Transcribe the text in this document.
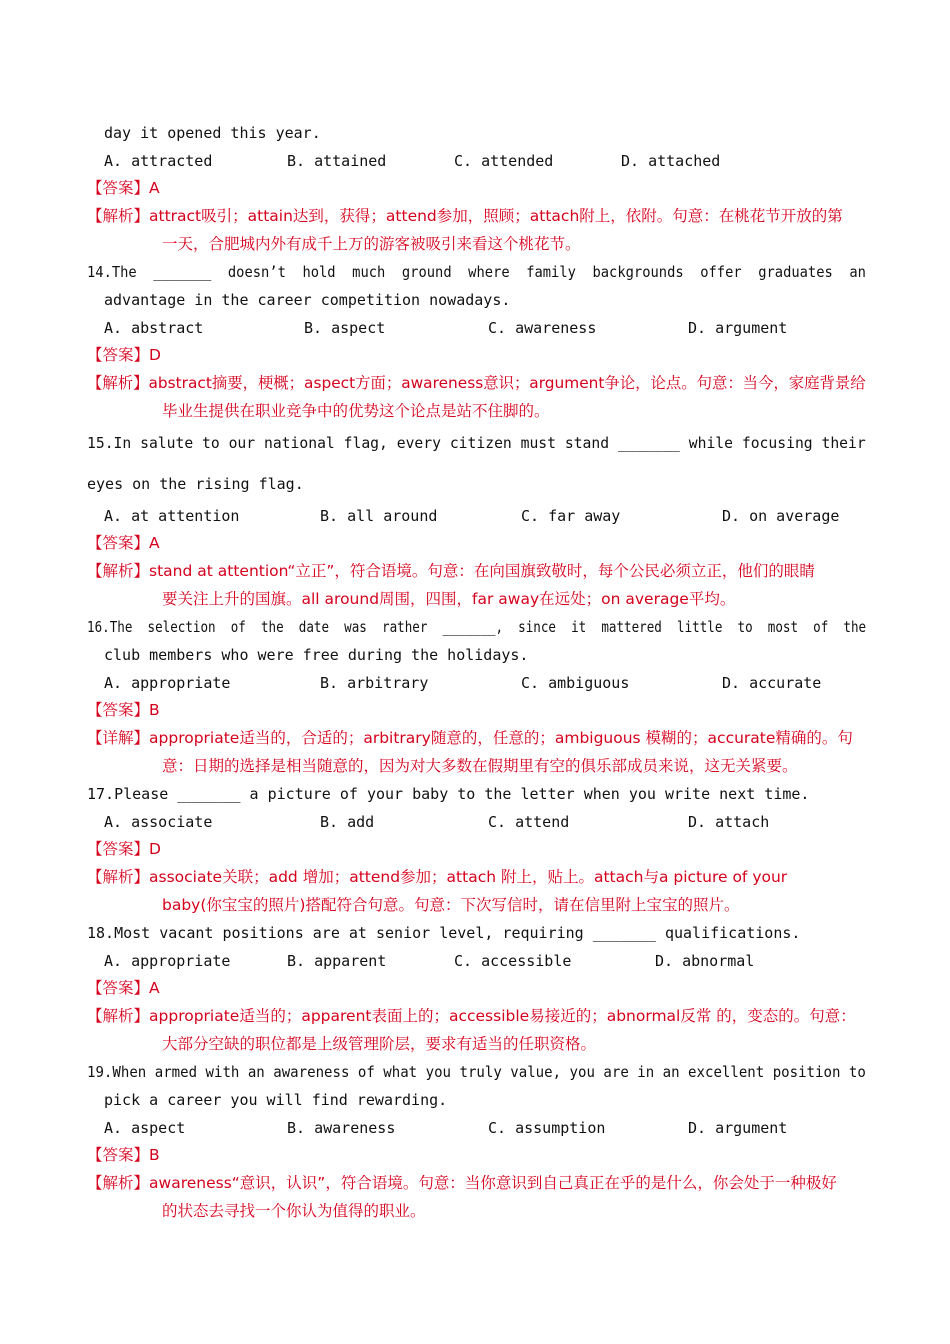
day it opened this year.
A. attracted	B. attained	C. attended	D. attached
【答案】A
【解析】attract吸引；attain达到，获得；attend参加，照顾；attach附上，依附。句意：在桃花节开放的第
一天，合肥城内外有成千上万的游客被吸引来看这个桃花节。
14.The  _______  doesn’t  hold  much  ground  where  family  backgrounds  offer  graduates  an
advantage in the career competition nowadays.
A. abstract	B. aspect	C. awareness	D. argument
【答案】D
【解析】abstract摘要，梗概；aspect方面；awareness意识；argument争论，论点。句意：当今，家庭背景给
毕业生提供在职业竞争中的优势这个论点是站不住脚的。
15.In salute to our national flag, every citizen must stand _______ while focusing their
eyes on the rising flag.
A. at attention	B. all around	C. far away	D. on average
【答案】A
【解析】stand at attention“立正”，符合语境。句意：在向国旗致敬时，每个公民必须立正，他们的眼睛
要关注上升的国旗。all around周围，四围，far away在远处；on average平均。
16.The  selection  of  the  date  was  rather  _______,  since  it  mattered  little  to  most  of  the
club members who were free during the holidays.
A. appropriate	B. arbitrary	C. ambiguous	D. accurate
【答案】B
【详解】appropriate适当的，合适的；arbitrary随意的，任意的；ambiguous 模糊的；accurate精确的。句
意：日期的选择是相当随意的，因为对大多数在假期里有空的俱乐部成员来说，这无关紧要。
17.Please _______ a picture of your baby to the letter when you write next time.
A. associate	B. add	C. attend	D. attach
【答案】D
【解析】associate关联；add 增加；attend参加；attach 附上，贴上。attach与a picture of your
baby(你宝宝的照片)搭配符合句意。句意：下次写信时，请在信里附上宝宝的照片。
18.Most vacant positions are at senior level, requiring _______ qualifications.
A. appropriate	B. apparent	C. accessible	D. abnormal
【答案】A
【解析】appropriate适当的；apparent表面上的；accessible易接近的；abnormal反常 的，变态的。句意：
大部分空缺的职位都是上级管理阶层，要求有适当的任职资格。
19.When armed with an awareness of what you truly value, you are in an excellent position to
pick a career you will find rewarding.
A. aspect	B. awareness	C. assumption	D. argument
【答案】B
【解析】awareness“意识，认识”，符合语境。句意：当你意识到自己真正在乎的是什么，你会处于一种极好
的状态去寻找一个你认为值得的职业。
